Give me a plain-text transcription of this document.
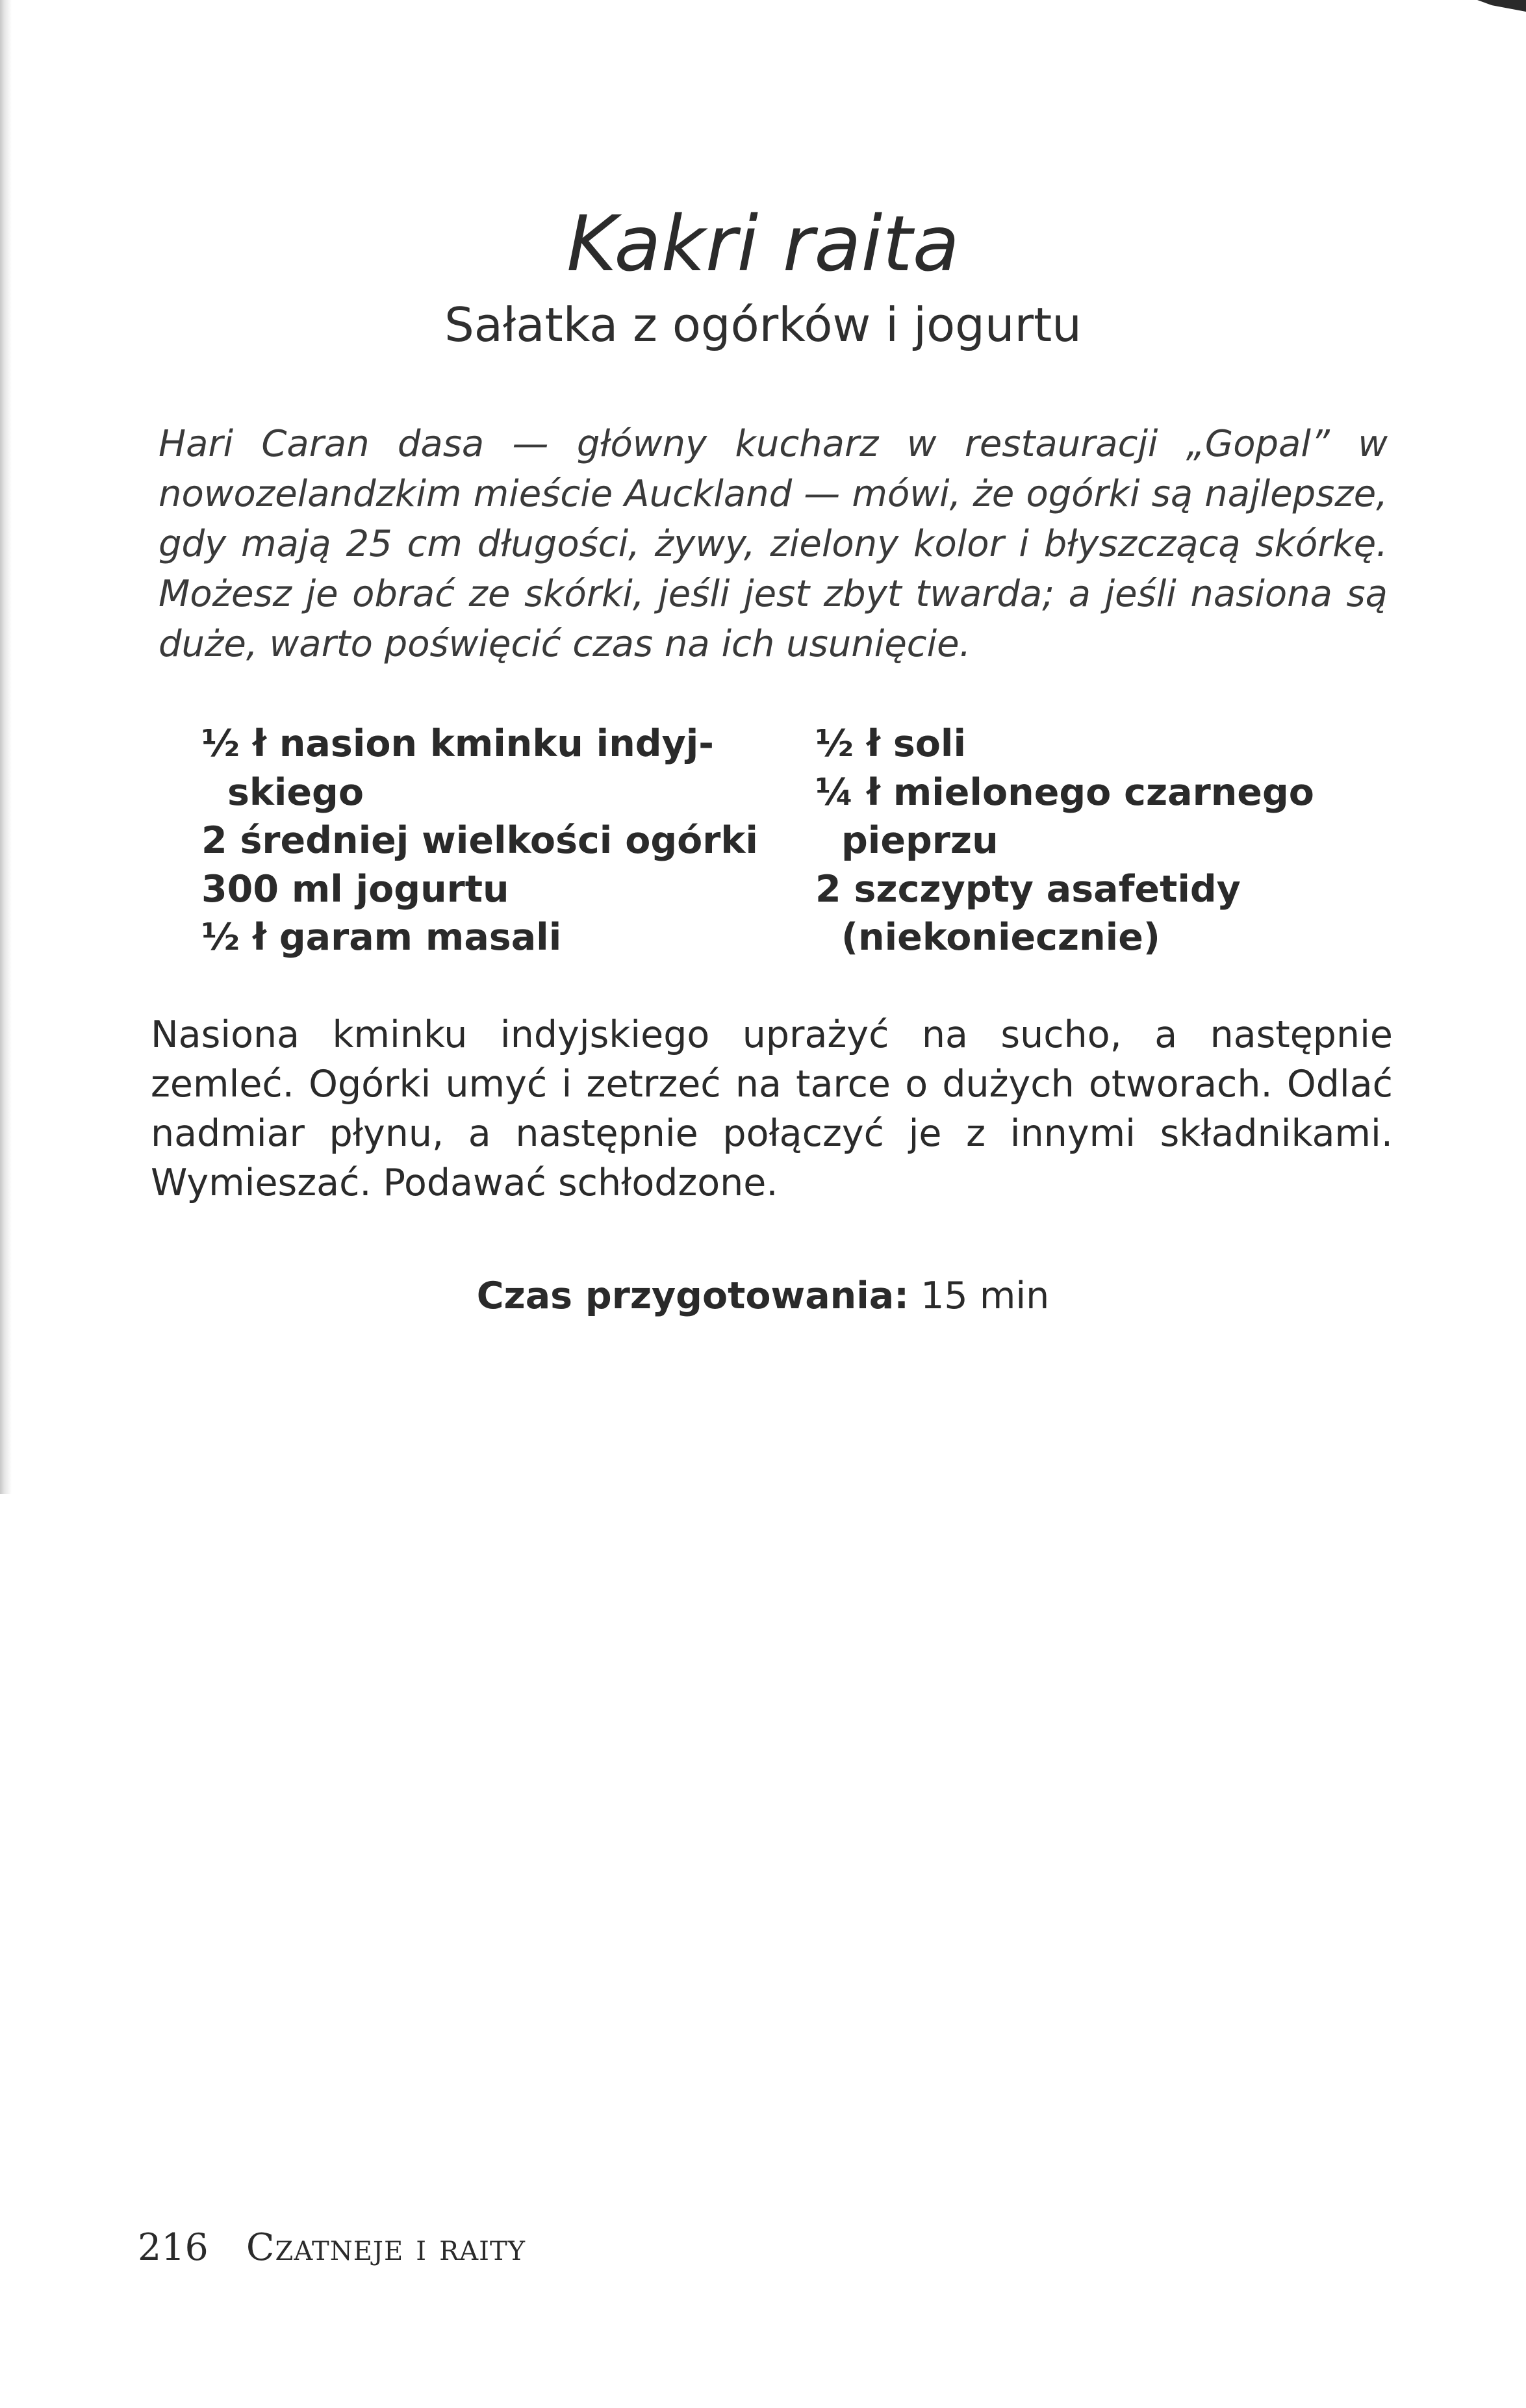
Kakri raita
Sałatka z ogórków i jogurtu

Hari Caran dasa — główny kucharz w restauracji „Gopal” w nowozelandzkim mieście Auckland — mówi, że ogórki są najlepsze, gdy mają 25 cm długości, żywy, zielony kolor i błyszczącą skórkę. Możesz je obrać ze skórki, jeśli jest zbyt twarda; a jeśli nasiona są duże, warto poświęcić czas na ich usunięcie.

½ ł nasion kminku indyj-

skiego

2 średniej wielkości ogórki

300 ml jogurtu

½ ł garam masali

½ ł soli

¼ ł mielonego czarnego

pieprzu

2 szczypty asafetidy

(niekoniecznie)

Nasiona kminku indyjskiego uprażyć na sucho, a następnie zemleć. Ogórki umyć i zetrzeć na tarce o dużych otworach. Odlać nadmiar płynu, a następnie połączyć je z innymi składnikami. Wymieszać. Podawać schłodzone.

Czas przygotowania: 15 min

216 Czatneje i raity
